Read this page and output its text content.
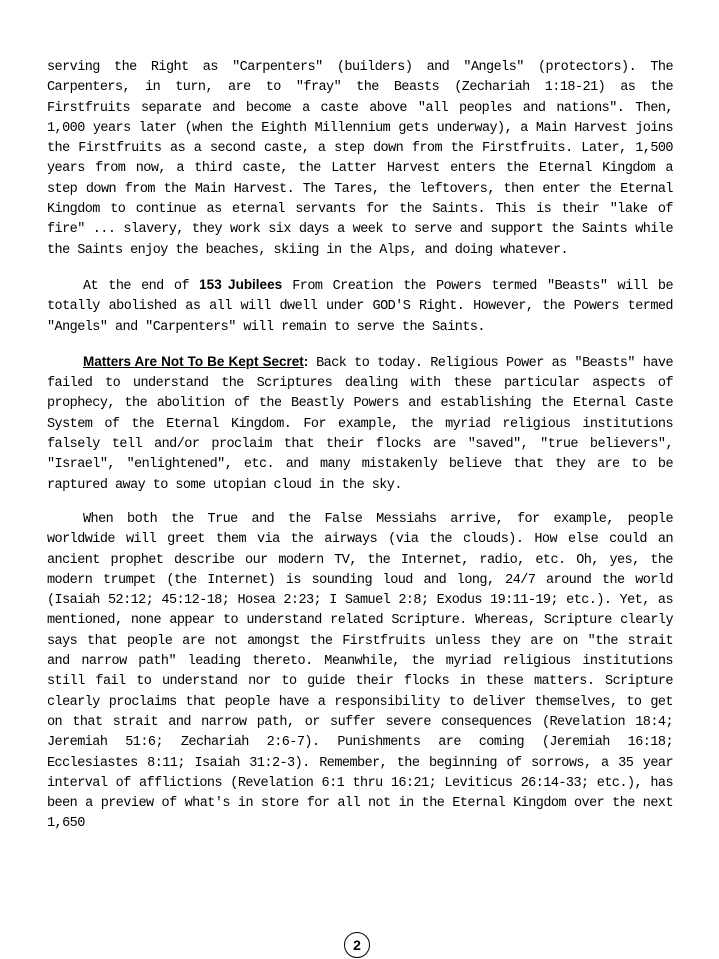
serving the Right as "Carpenters" (builders) and "Angels" (protectors). The Carpenters, in turn, are to "fray" the Beasts (Zechariah 1:18-21) as the Firstfruits separate and become a caste above "all peoples and nations". Then, 1,000 years later (when the Eighth Millennium gets underway), a Main Harvest joins the Firstfruits as a second caste, a step down from the Firstfruits. Later, 1,500 years from now, a third caste, the Latter Harvest enters the Eternal Kingdom a step down from the Main Harvest. The Tares, the leftovers, then enter the Eternal Kingdom to continue as eternal servants for the Saints. This is their "lake of fire" ... slavery, they work six days a week to serve and support the Saints while the Saints enjoy the beaches, skiing in the Alps, and doing whatever.

At the end of 153 Jubilees From Creation the Powers termed "Beasts" will be totally abolished as all will dwell under GOD'S Right. However, the Powers termed "Angels" and "Carpenters" will remain to serve the Saints.

Matters Are Not To Be Kept Secret: Back to today. Religious Power as "Beasts" have failed to understand the Scriptures dealing with these particular aspects of prophecy, the abolition of the Beastly Powers and establishing the Eternal Caste System of the Eternal Kingdom. For example, the myriad religious institutions falsely tell and/or proclaim that their flocks are "saved", "true believers", "Israel", "enlightened", etc. and many mistakenly believe that they are to be raptured away to some utopian cloud in the sky.

When both the True and the False Messiahs arrive, for example, people worldwide will greet them via the airways (via the clouds). How else could an ancient prophet describe our modern TV, the Internet, radio, etc. Oh, yes, the modern trumpet (the Internet) is sounding loud and long, 24/7 around the world (Isaiah 52:12; 45:12-18; Hosea 2:23; I Samuel 2:8; Exodus 19:11-19; etc.). Yet, as mentioned, none appear to understand related Scripture. Whereas, Scripture clearly says that people are not amongst the Firstfruits unless they are on "the strait and narrow path" leading thereto. Meanwhile, the myriad religious institutions still fail to understand nor to guide their flocks in these matters. Scripture clearly proclaims that people have a responsibility to deliver themselves, to get on that strait and narrow path, or suffer severe consequences (Revelation 18:4; Jeremiah 51:6; Zechariah 2:6-7). Punishments are coming (Jeremiah 16:18; Ecclesiastes 8:11; Isaiah 31:2-3). Remember, the beginning of sorrows, a 35 year interval of afflictions (Revelation 6:1 thru 16:21; Leviticus 26:14-33; etc.), has been a preview of what's in store for all not in the Eternal Kingdom over the next 1,650

2
